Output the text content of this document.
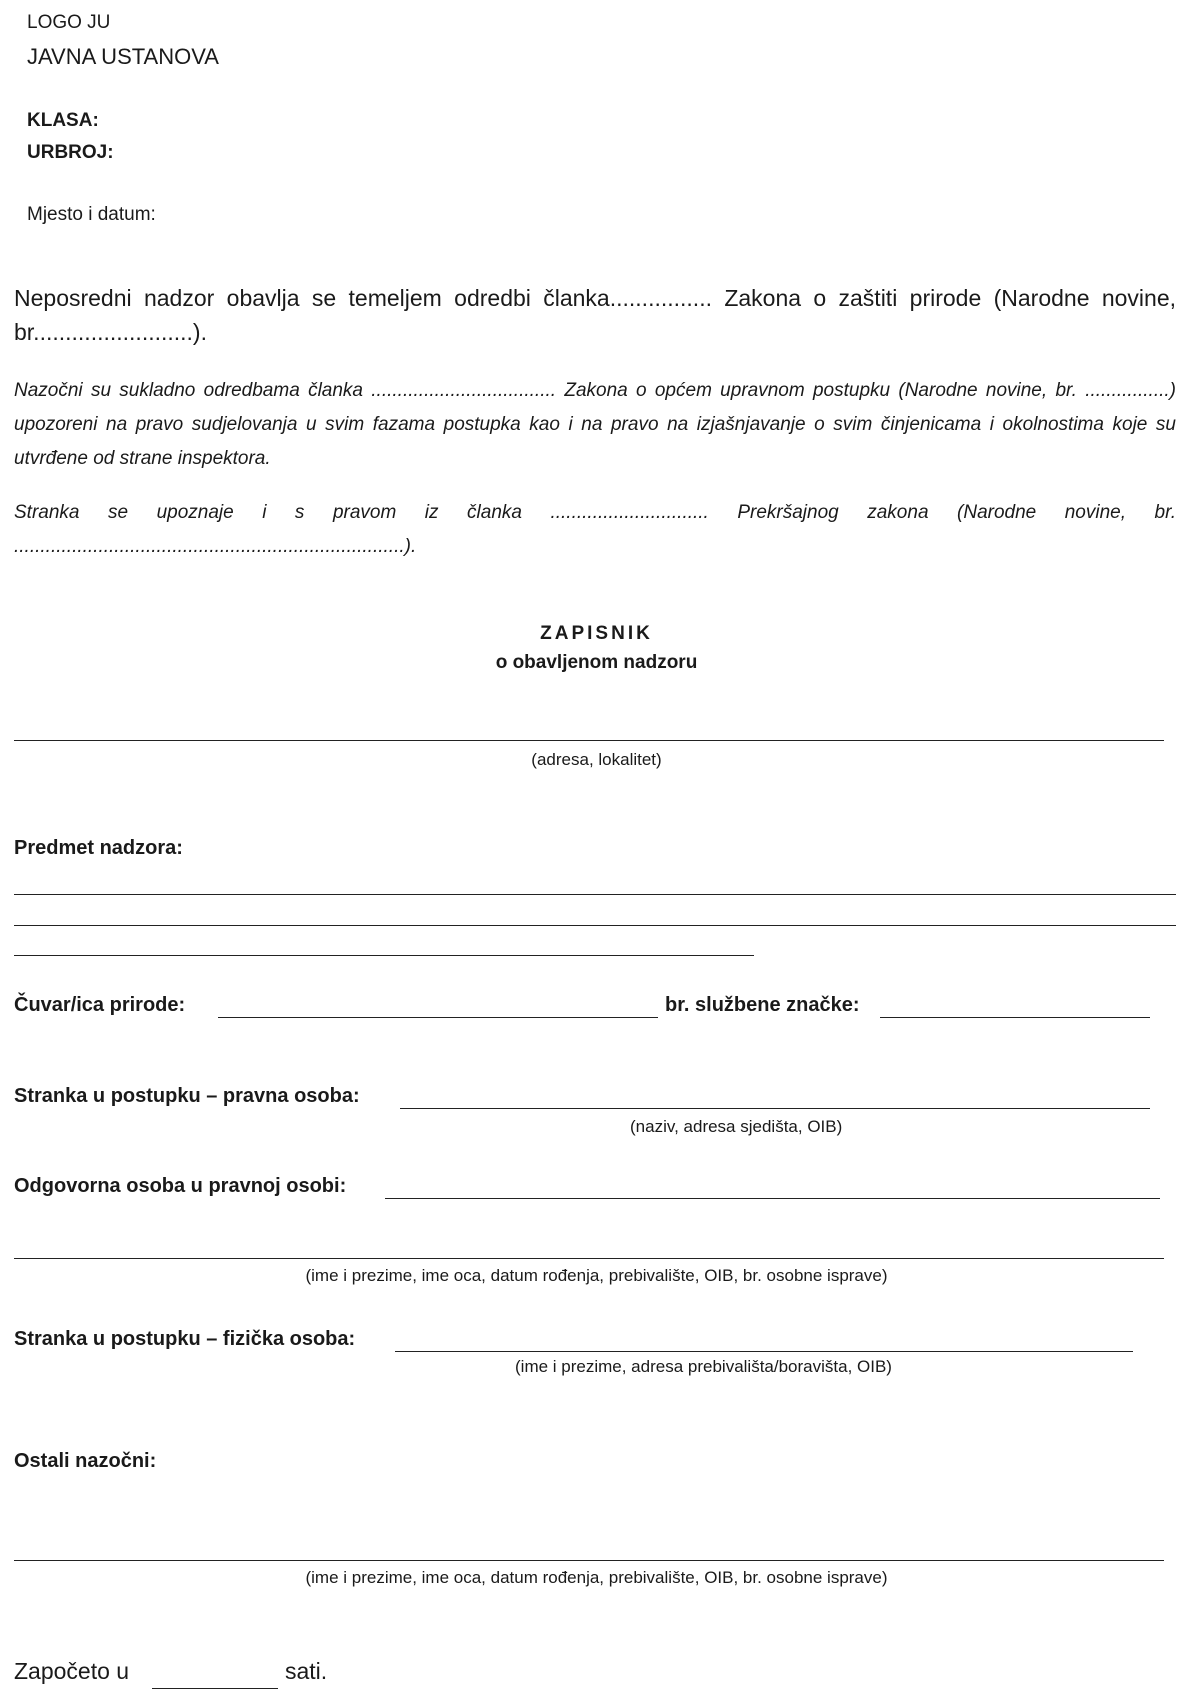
LOGO JU
JAVNA USTANOVA
KLASA:
URBROJ:
Mjesto i datum:
Neposredni nadzor obavlja se temeljem odredbi članka................ Zakona o zaštiti prirode (Narodne novine, br.........................).
Nazočni su sukladno odredbama članka ................................... Zakona o općem upravnom postupku (Narodne novine, br. ................) upozoreni na pravo sudjelovanja u svim fazama postupka kao i na pravo na izjašnjavanje o svim činjenicama i okolnostima koje su utvrđene od strane inspektora.
Stranka se upoznaje i s pravom iz članka .............................. Prekršajnog zakona (Narodne novine, br. ..........................................................................).
ZAPISNIK
o obavljenom nadzoru
(adresa, lokalitet)
Predmet nadzora:
Čuvar/ica prirode:	br. službene značke:
Stranka u postupku – pravna osoba:
(naziv, adresa sjedišta, OIB)
Odgovorna osoba u pravnoj osobi:
(ime i prezime, ime oca, datum rođenja, prebivalište, OIB, br. osobne isprave)
Stranka u postupku – fizička osoba:
(ime i prezime, adresa prebivališta/boravišta, OIB)
Ostali nazočni:
(ime i prezime, ime oca, datum rođenja, prebivalište, OIB, br. osobne isprave)
Započeto u	sati.
